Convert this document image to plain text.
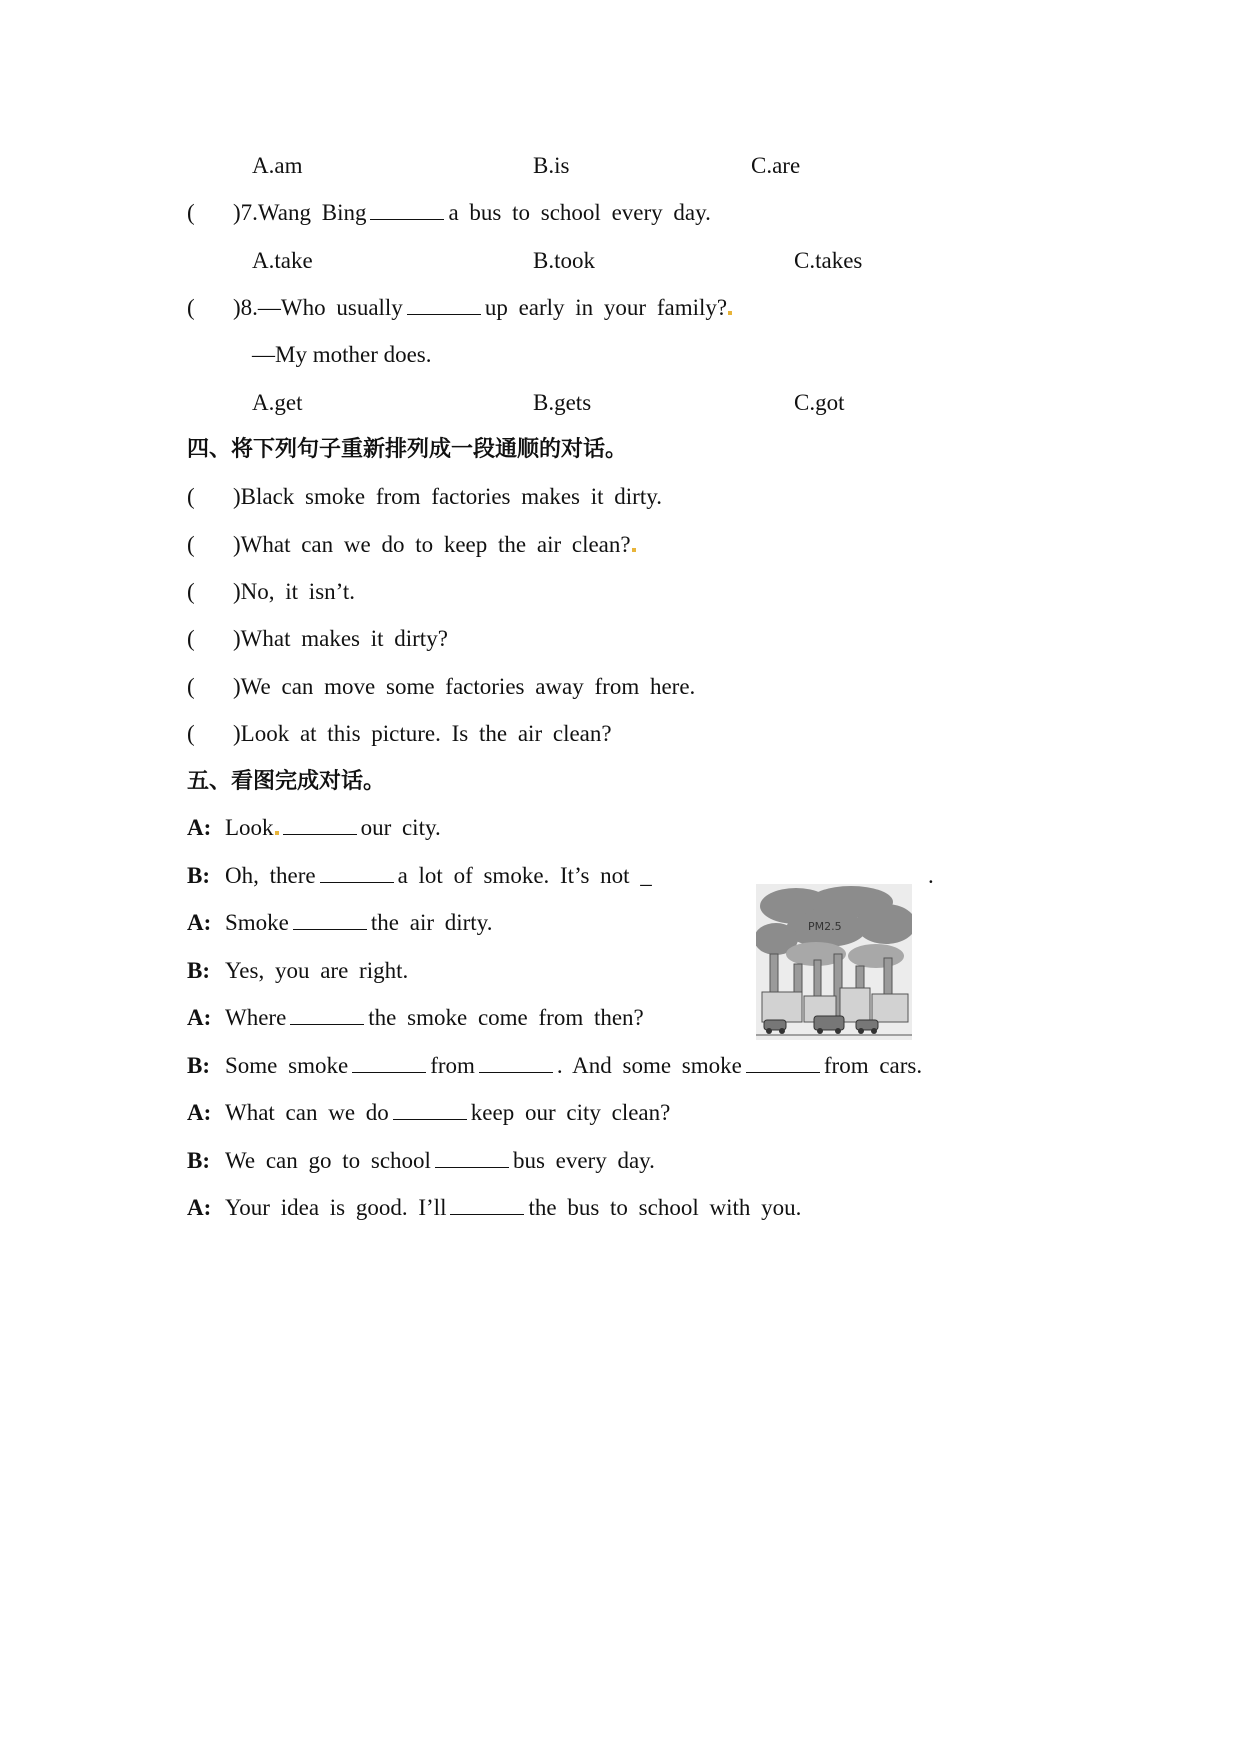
A.am	B.is	C.are
( )7.Wang Bing	a bus to school every day.
A.take	B.took	C.takes
( )8.—Who usually	up early in your family?
—My mother does.
A.get	B.gets	C.got
四、将下列句子重新排列成一段通顺的对话。
( )Black smoke from factories makes it dirty.
( )What can we do to keep the air clean?
( )No, it isn’t.
( )What makes it dirty?
( )We can move some factories away from here.
( )Look at this picture. Is the air clean?
五、看图完成对话。
A: Look	our city.
B: Oh, there	a lot of smoke. It’s not _	.
A: Smoke	the air dirty.
B: Yes, you are right.
A: Where	the smoke come from then?
B: Some smoke	from	. And some smoke	from cars.
A: What can we do	keep our city clean?
B: We can go to school	bus every day.
A: Your idea is good. I’ll	the bus to school with you.
PM2.5
